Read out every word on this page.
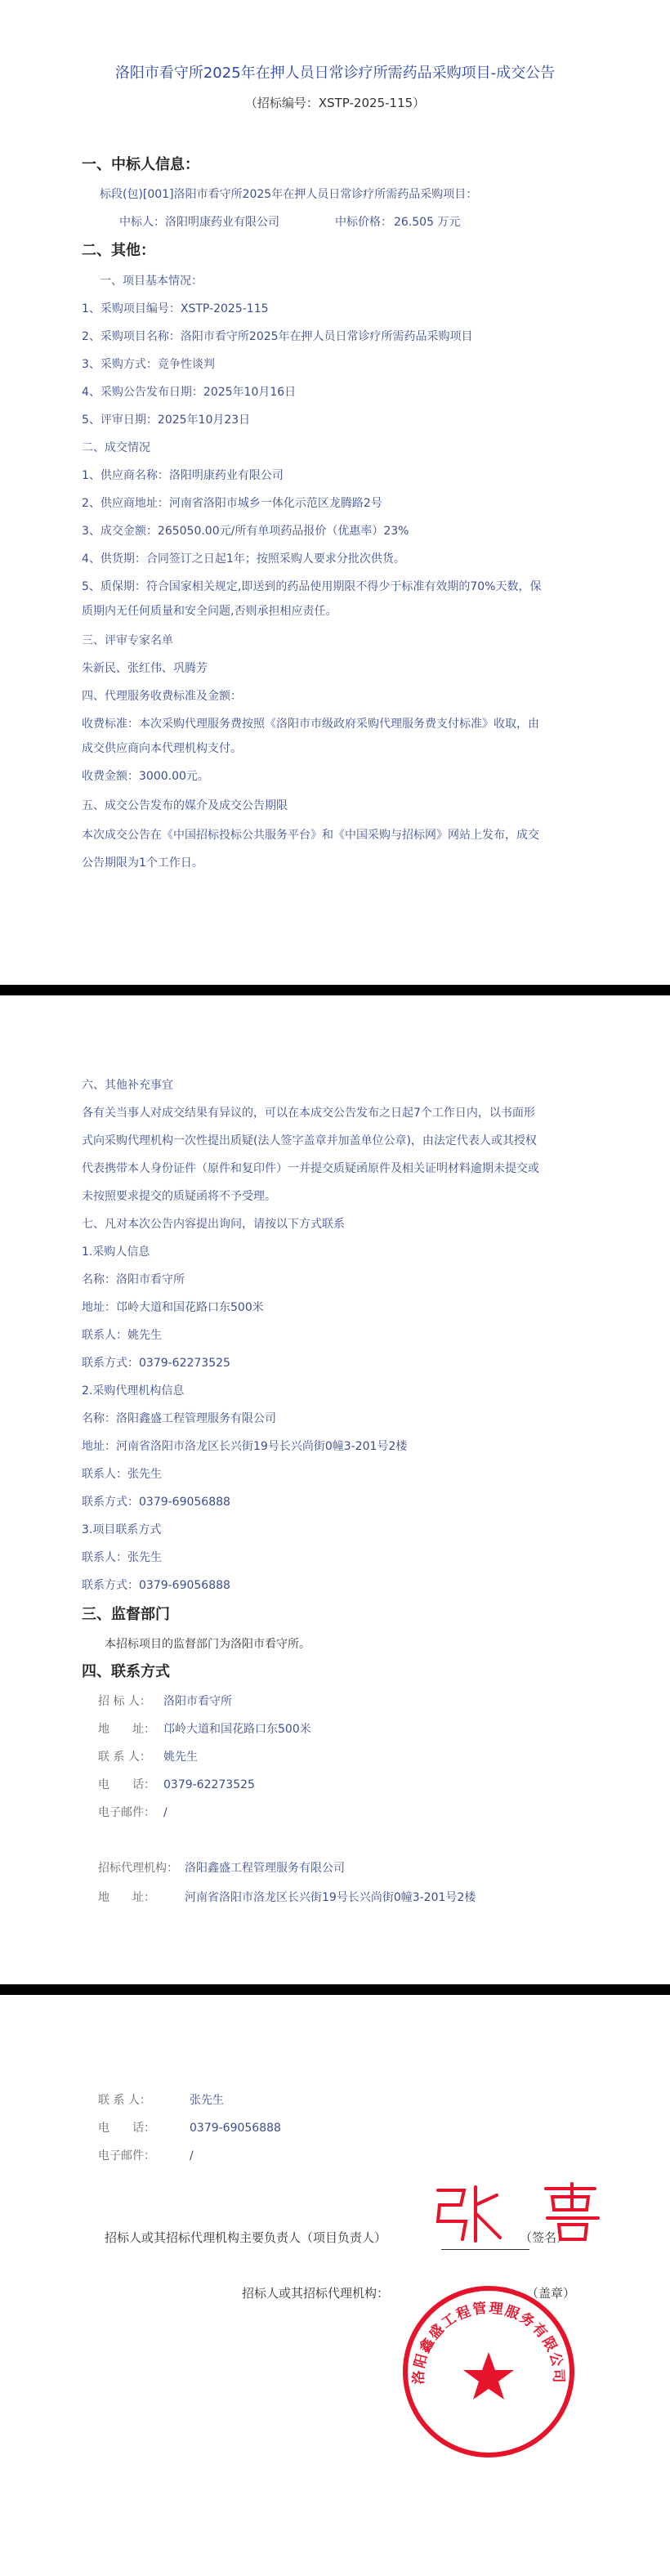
洛阳市看守所2025年在押人员日常诊疗所需药品采购项目-成交公告
（招标编号：XSTP-2025-115）
一、中标人信息：
标段(包)[001]洛阳市看守所2025年在押人员日常诊疗所需药品采购项目：
中标人： 洛阳明康药业有限公司	中标价格： 26.505 万元
二、其他：
一、项目基本情况：
1、采购项目编号：XSTP-2025-115
2、采购项目名称：洛阳市看守所2025年在押人员日常诊疗所需药品采购项目
3、采购方式：竞争性谈判
4、采购公告发布日期：2025年10月16日
5、评审日期：2025年10月23日
二、成交情况
1、供应商名称：洛阳明康药业有限公司
2、供应商地址：河南省洛阳市城乡一体化示范区龙腾路2号
3、成交金额：265050.00元/所有单项药品报价（优惠率）23%
4、供货期：合同签订之日起1年；按照采购人要求分批次供货。
5、质保期：符合国家相关规定,即送到的药品使用期限不得少于标准有效期的70%天数，保
质期内无任何质量和安全问题,否则承担相应责任。
三、评审专家名单
朱新民、张红伟、巩腾芳
四、代理服务收费标准及金额：
收费标准：本次采购代理服务费按照《洛阳市市级政府采购代理服务费支付标准》收取，由
成交供应商向本代理机构支付。
收费金额：3000.00元。
五、成交公告发布的媒介及成交公告期限
本次成交公告在《中国招标投标公共服务平台》和《中国采购与招标网》网站上发布，成交
公告期限为1个工作日。
六、其他补充事宜
各有关当事人对成交结果有异议的，可以在本成交公告发布之日起7个工作日内，以书面形
式向采购代理机构一次性提出质疑(法人签字盖章并加盖单位公章)，由法定代表人或其授权
代表携带本人身份证件（原件和复印件）一并提交质疑函原件及相关证明材料逾期未提交或
未按照要求提交的质疑函将不予受理。
七、凡对本次公告内容提出询问，请按以下方式联系
1.采购人信息
名称：洛阳市看守所
地址：邙岭大道和国花路口东500米
联系人：姚先生
联系方式：0379-62273525
2.采购代理机构信息
名称：洛阳鑫盛工程管理服务有限公司
地址：河南省洛阳市洛龙区长兴街19号长兴尚街0幢3-201号2楼
联系人：张先生
联系方式：0379-69056888
3.项目联系方式
联系人：张先生
联系方式：0379-69056888
三、监督部门
本招标项目的监督部门为洛阳市看守所。
四、联系方式
招 标 人： 洛阳市看守所
地　　址： 邙岭大道和国花路口东500米
联 系 人： 姚先生
电　　话： 0379-62273525
电子邮件： /
招标代理机构： 洛阳鑫盛工程管理服务有限公司
地　　址：	河南省洛阳市洛龙区长兴街19号长兴尚街0幢3-201号2楼
联 系 人：	张先生
电　　话：	0379-69056888
电子邮件：	/
招标人或其招标代理机构主要负责人（项目负责人）	（签名）
招标人或其招标代理机构：	（盖章）
洛阳鑫盛工程管理服务有限公司
